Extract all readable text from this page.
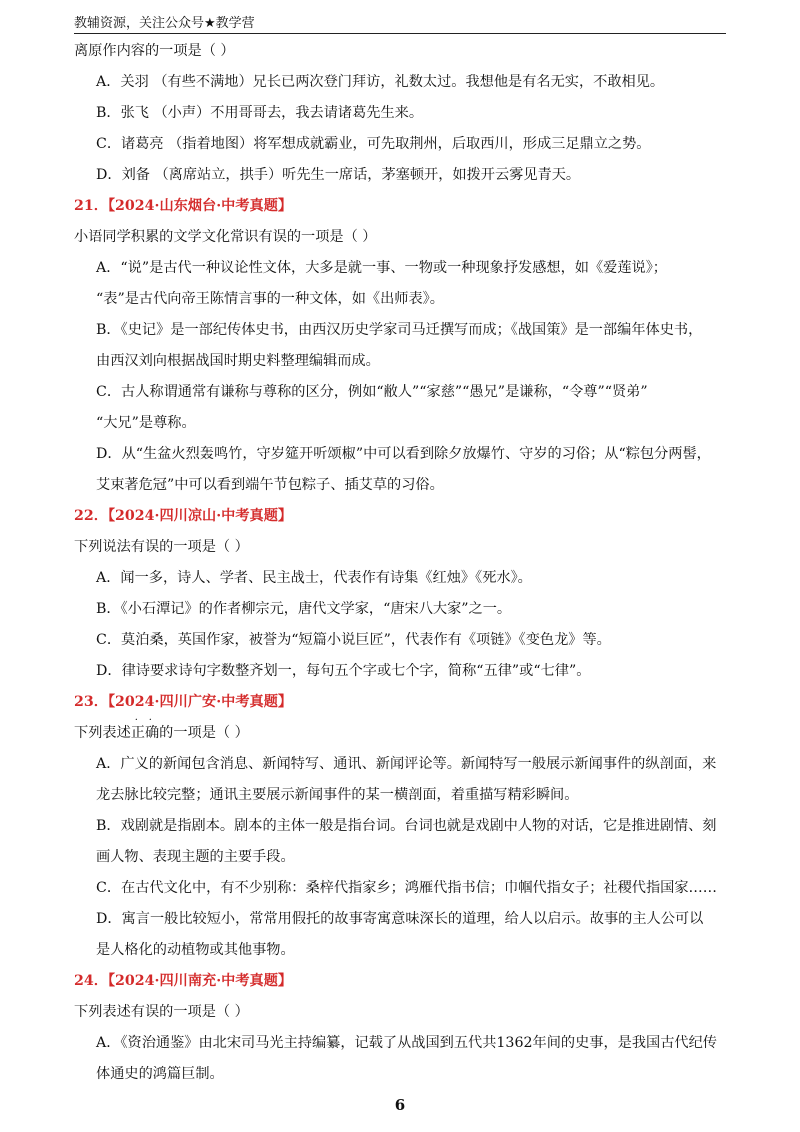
教辅资源，关注公众号★教学营
离原作内容的一项是（ ）
A．关羽 （有些不满地）兄长已两次登门拜访，礼数太过。我想他是有名无实，不敢相见。
B．张飞 （小声）不用哥哥去，我去请诸葛先生来。
C．诸葛亮 （指着地图）将军想成就霸业，可先取荆州，后取西川，形成三足鼎立之势。
D．刘备 （离席站立，拱手）听先生一席话，茅塞顿开，如拨开云雾见青天。
21．【2024·山东烟台·中考真题】
小语同学积累的文学文化常识有误的一项是（ ）
A．“说”是古代一种议论性文体，大多是就一事、一物或一种现象抒发感想，如《爱莲说》；
“表”是古代向帝王陈情言事的一种文体，如《出师表》。
B．《史记》是一部纪传体史书，由西汉历史学家司马迁撰写而成；《战国策》是一部编年体史书，
由西汉刘向根据战国时期史料整理编辑而成。
C．古人称谓通常有谦称与尊称的区分，例如“敝人”“家慈”“愚兄”是谦称，“令尊”“贤弟”
“大兄”是尊称。
D．从“生盆火烈轰鸣竹，守岁筵开听颂椒”中可以看到除夕放爆竹、守岁的习俗；从“粽包分两髻，
艾束著危冠”中可以看到端午节包粽子、插艾草的习俗。
22．【2024·四川凉山·中考真题】
下列说法有误的一项是（ ）
A．闻一多，诗人、学者、民主战士，代表作有诗集《红烛》《死水》。
B．《小石潭记》的作者柳宗元，唐代文学家，“唐宋八大家”之一。
C．莫泊桑，英国作家，被誉为“短篇小说巨匠”，代表作有《项链》《变色龙》等。
D．律诗要求诗句字数整齐划一，每句五个字或七个字，简称“五律”或“七律”。
23．【2024·四川广安·中考真题】
下列表述
· ·
正确的一项是（ ）
A．广义的新闻包含消息、新闻特写、通讯、新闻评论等。新闻特写一般展示新闻事件的纵剖面，来
龙去脉比较完整；通讯主要展示新闻事件的某一横剖面，着重描写精彩瞬间。
B．戏剧就是指剧本。剧本的主体一般是指台词。台词也就是戏剧中人物的对话，它是推进剧情、刻
画人物、表现主题的主要手段。
C．在古代文化中，有不少别称：桑梓代指家乡；鸿雁代指书信；巾帼代指女子；社稷代指国家……
D．寓言一般比较短小，常常用假托的故事寄寓意味深长的道理，给人以启示。故事的主人公可以
是人格化的动植物或其他事物。
24．【2024·四川南充·中考真题】
下列表述有误的一项是（ ）
A．《资治通鉴》由北宋司马光主持编纂，记载了从战国到五代共1362年间的史事，是我国古代纪传
体通史的鸿篇巨制。
6
